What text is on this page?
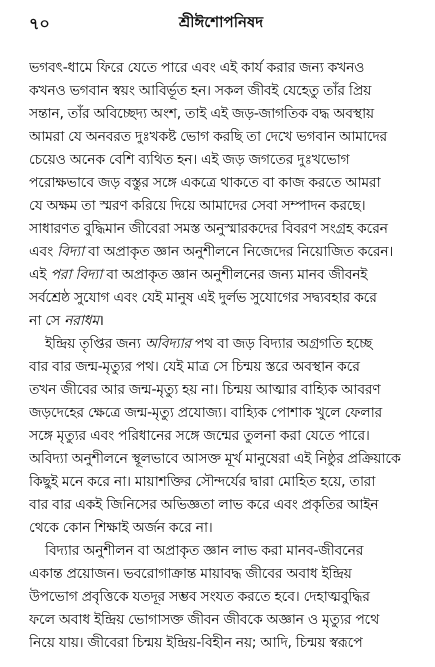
৭০	শ্রীঈশোপনিষদ
ভগবৎ-ধামে ফিরে যেতে পারে এবং এই কার্য করার জন্য কখনও
কখনও ভগবান স্বয়ং আবির্ভূত হন। সকল জীবই যেহেতু তাঁর প্রিয়
সন্তান, তাঁর অবিচ্ছেদ্য অংশ, তাই এই জড়-জাগতিক বদ্ধ অবস্থায়
আমরা যে অনবরত দুঃখকষ্ট ভোগ করছি তা দেখে ভগবান আমাদের
চেয়েও অনেক বেশি ব্যথিত হন। এই জড় জগতের দুঃখভোগ
পরোক্ষভাবে জড় বস্তুর সঙ্গে একত্রে থাকতে বা কাজ করতে আমরা
যে অক্ষম তা স্মরণ করিয়ে দিয়ে আমাদের সেবা সম্পাদন করছে।
সাধারণত বুদ্ধিমান জীবেরা সমস্ত অনুস্মারকদের বিবরণ সংগ্রহ করেন
এবং বিদ্যা বা অপ্রাকৃত জ্ঞান অনুশীলনে নিজেদের নিয়োজিত করেন।
এই পরা বিদ্যা বা অপ্রাকৃত জ্ঞান অনুশীলনের জন্য মানব জীবনই
সর্বশ্রেষ্ঠ সুযোগ এবং যেই মানুষ এই দুর্লভ সুযোগের সদ্ব্যবহার করে
না সে নরাধম।
ইন্দ্রিয় তৃপ্তির জন্য অবিদ্যার পথ বা জড় বিদ্যার অগ্রগতি হচ্ছে
বার বার জন্ম-মৃত্যুর পথ। যেই মাত্র সে চিন্ময় স্তরে অবস্থান করে
তখন জীবের আর জন্ম-মৃত্যু হয় না। চিন্ময় আত্মার বাহ্যিক আবরণ
জড়দেহের ক্ষেত্রে জন্ম-মৃত্যু প্রযোজ্য। বাহ্যিক পোশাক খুলে ফেলার
সঙ্গে মৃত্যুর এবং পরিধানের সঙ্গে জন্মের তুলনা করা যেতে পারে।
অবিদ্যা অনুশীলনে স্থূলভাবে আসক্ত মূর্খ মানুষেরা এই নিষ্ঠুর প্রক্রিয়াকে
কিছুই মনে করে না। মায়াশক্তির সৌন্দর্যের দ্বারা মোহিত হয়ে, তারা
বার বার একই জিনিসের অভিজ্ঞতা লাভ করে এবং প্রকৃতির আইন
থেকে কোন শিক্ষাই অর্জন করে না।
বিদ্যার অনুশীলন বা অপ্রাকৃত জ্ঞান লাভ করা মানব-জীবনের
একান্ত প্রয়োজন। ভবরোগাক্রান্ত মায়াবদ্ধ জীবের অবাধ ইন্দ্রিয়
উপভোগ প্রবৃত্তিকে যতদূর সম্ভব সংযত করতে হবে। দেহাত্মবুদ্ধির
ফলে অবাধ ইন্দ্রিয় ভোগাসক্ত জীবন জীবকে অজ্ঞান ও মৃত্যুর পথে
নিয়ে যায়। জীবেরা চিন্ময় ইন্দ্রিয়-বিহীন নয়; আদি, চিন্ময় স্বরূপে
